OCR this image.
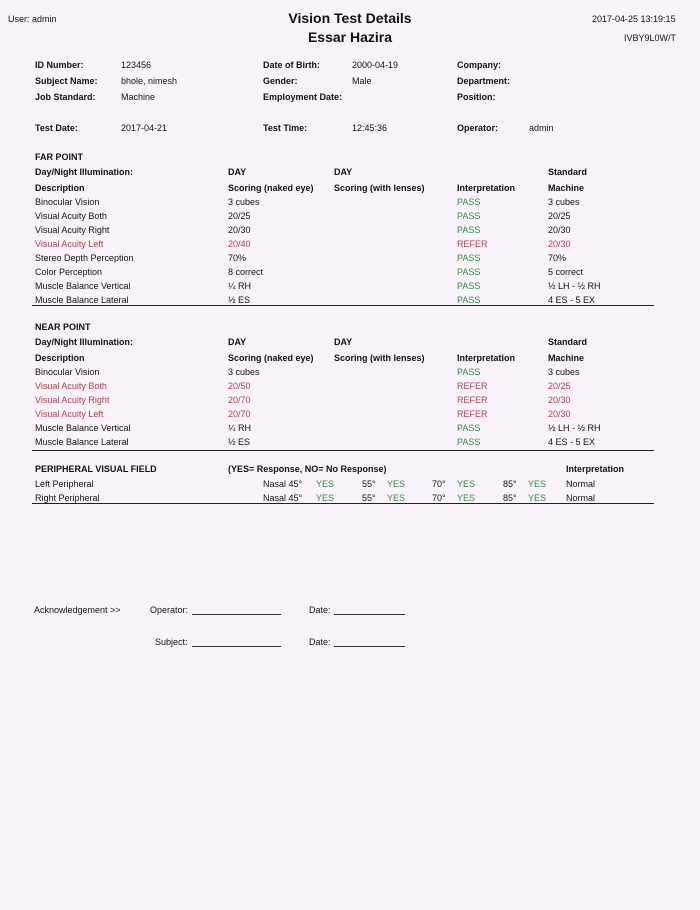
User: admin	Vision Test Details
Essar Hazira
2017-04-25 13:19:15
IVBY9L0W/T
ID Number:	123456
Subject Name:	bhole, nimesh
Job Standard:	Machine
Date of Birth:	2000-04-19
Gender:	Male
Employment Date:
Company:
Department:
Position:
Test Date:	2017-04-21	Test Time:	12:45:36	Operator:	admin
FAR POINT
Day/Night Illumination:	DAY	DAY	Standard
Description	Scoring (naked eye) Scoring (with lenses)	Interpretation	Machine
Binocular Vision	3 cubes	PASS	3 cubes
Visual Acuity Both	20/25	PASS	20/25
Visual Acuity Right	20/30	PASS	20/30
Visual Acuity Left	20/40	REFER	20/30
Stereo Depth Perception	70%	PASS	70%
Color Perception	8 correct	PASS	5 correct
Muscle Balance Vertical	¼ RH	PASS	½ LH - ½ RH
Muscle Balance Lateral	½ ES	PASS	4 ES - 5 EX
NEAR POINT
Day/Night Illumination:	DAY	DAY	Standard
Description	Scoring (naked eye) Scoring (with lenses)	Interpretation	Machine
Binocular Vision	3 cubes	PASS	3 cubes
Visual Acuity Both	20/50	REFER	20/25
Visual Acuity Right	20/70	REFER	20/30
Visual Acuity Left	20/70	REFER	20/30
Muscle Balance Vertical	¼ RH	PASS	½ LH - ½ RH
Muscle Balance Lateral	½ ES	PASS	4 ES - 5 EX
PERIPHERAL VISUAL FIELD	(YES= Response, NO= No Response)	Interpretation
Left Peripheral	Nasal 45° YES	55° YES	70° YES	85° YES Normal
Right Peripheral	Nasal 45° YES	55° YES	70° YES	85° YES Normal
Acknowledgement >>	Operator:	Date:
Subject:	Date:
